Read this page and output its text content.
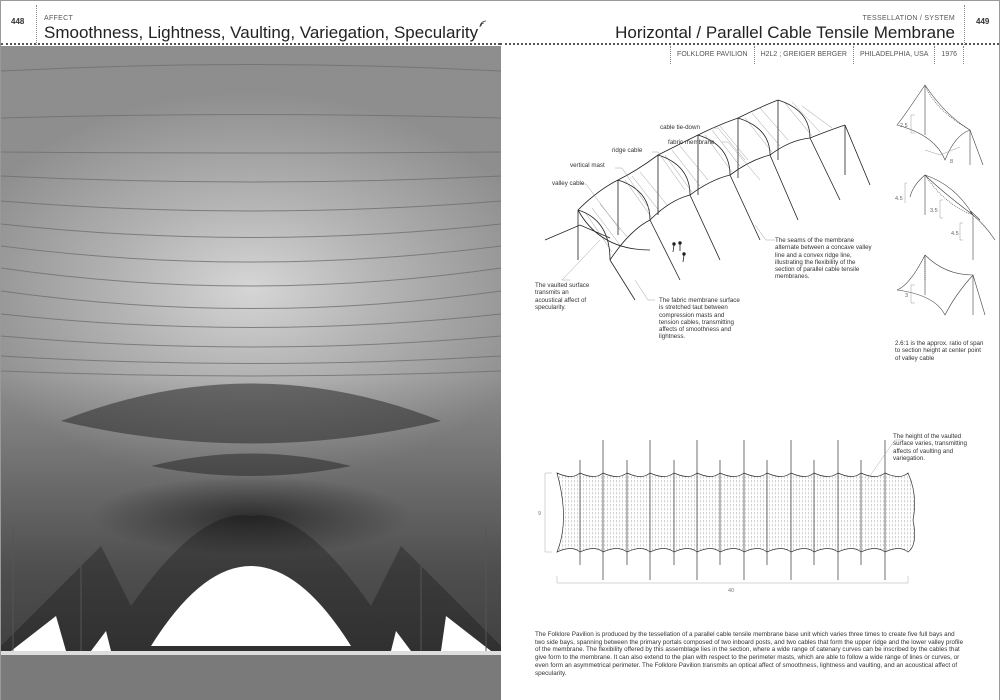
448	AFFECT
Smoothness, Lightness, Vaulting, Variegation, Specularity
TESSELLATION / SYSTEM
Horizontal / Parallel Cable Tensile Membrane
449
FOLKLORE PAVILION	H2L2 ; GREIGER BERGER	PHILADELPHIA, USA	1976
fabric membrane
cable tie-down
ridge cable
vertical mast
valley cable
The seams of the membrane alternate between a concave valley line and a convex ridge line, illustrating the flexibility of the section of parallel cable tensile membranes.
The vaulted surface transmits an acoustical affect of specularity.
The fabric membrane surface is stretched taut between compression masts and tension cables, transmitting affects of smoothness and lightness.
2.5
8
4.5
3.5
4.5
3
2.6:1 is the approx. ratio of span to section height at center point of valley cable
The height of the vaulted surface varies, transmitting affects of vaulting and variegation.
9
40
The Folklore Pavilion is produced by the tessellation of a parallel cable tensile membrane base unit which varies three times to create five full bays and two side bays, spanning between the primary portals composed of two inboard posts, and two cables that form the upper ridge and the lower valley profile of the membrane. The flexibility offered by this assemblage lies in the section, where a wide range of catenary curves can be inscribed by the cables that give form to the membrane. It can also extend to the plan with respect to the perimeter masts, which are able to follow a wide range of lines or curves, or even form an asymmetrical perimeter. The Folklore Pavilion transmits an optical affect of smoothness, lightness and vaulting, and an acoustical affect of specularity.
